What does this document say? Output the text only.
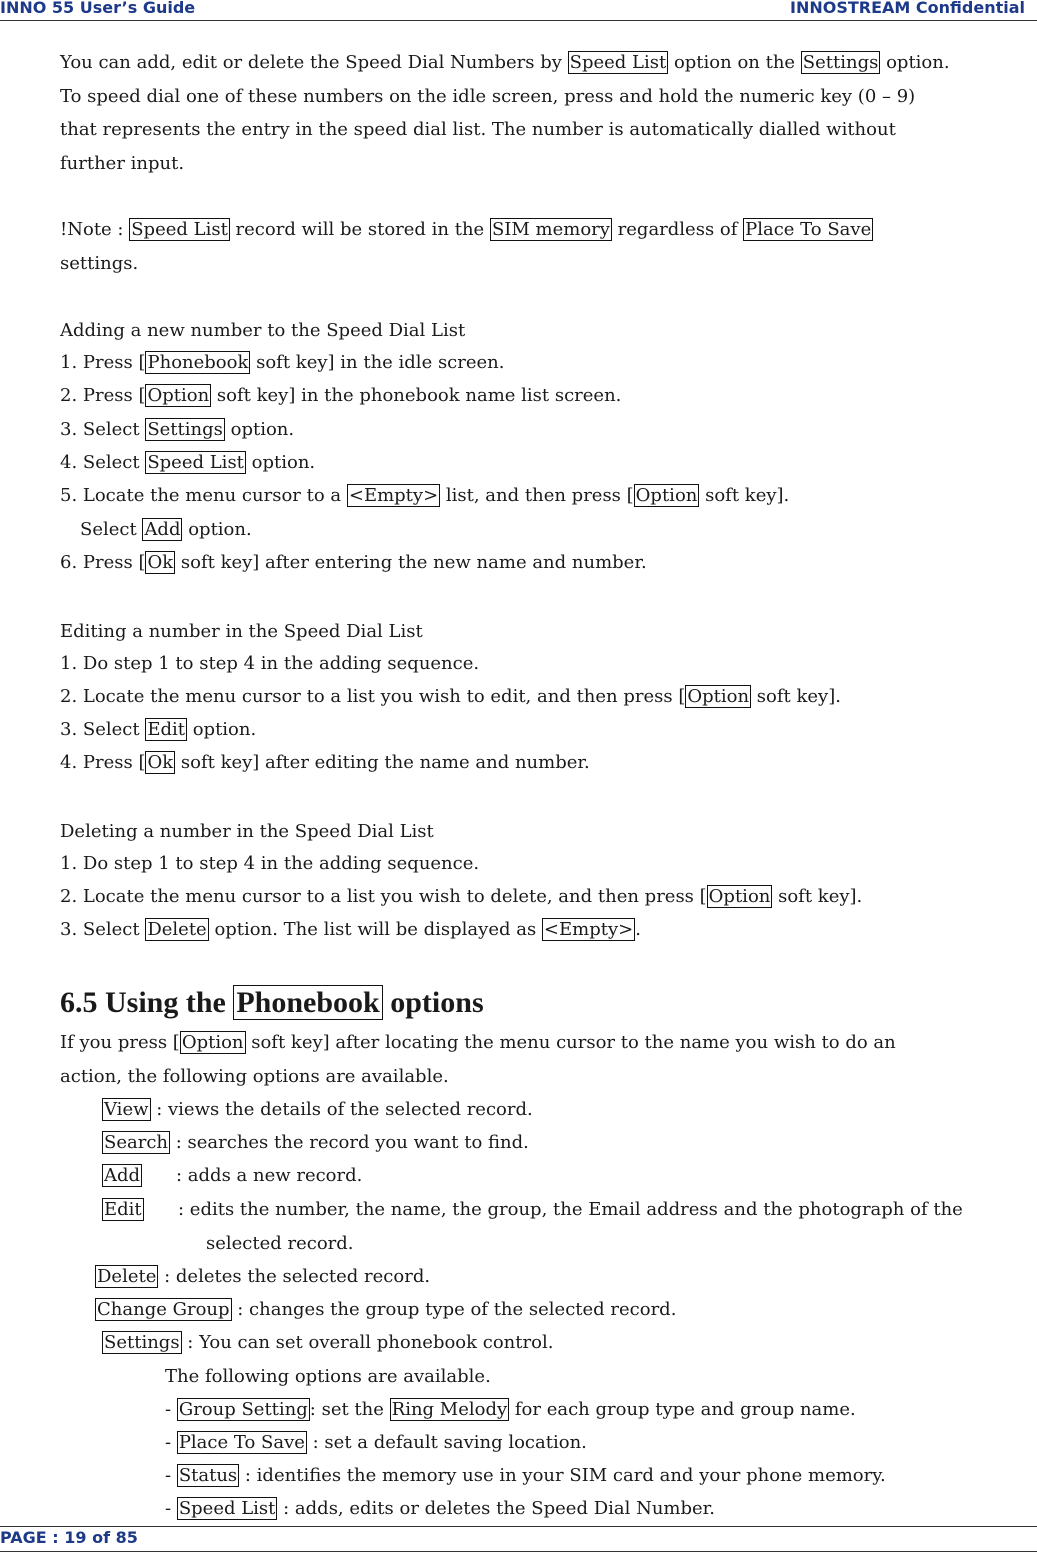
INNO 55 User’s Guide	INNOSTREAM Confidential
You can add, edit or delete the Speed Dial Numbers by Speed List option on the Settings option.
To speed dial one of these numbers on the idle screen, press and hold the numeric key (0 – 9)
that represents the entry in the speed dial list. The number is automatically dialled without
further input.
!Note : Speed List record will be stored in the SIM memory regardless of Place To Save
settings.
Adding a new number to the Speed Dial List
1. Press [ Phonebook soft key] in the idle screen.
2. Press [ Option soft key] in the phonebook name list screen.
3. Select Settings option.
4. Select Speed List option.
5. Locate the menu cursor to a <Empty> list, and then press [ Option soft key].
Select Add option.
6. Press [ Ok soft key] after entering the new name and number.
Editing a number in the Speed Dial List
1. Do step 1 to step 4 in the adding sequence.
2. Locate the menu cursor to a list you wish to edit, and then press [ Option soft key].
3. Select Edit option.
4. Press [ Ok soft key] after editing the name and number.
Deleting a number in the Speed Dial List
1. Do step 1 to step 4 in the adding sequence.
2. Locate the menu cursor to a list you wish to delete, and then press [ Option soft key].
3. Select Delete option. The list will be displayed as <Empty> .
6.5 Using the Phonebook options
If you press [ Option soft key] after locating the menu cursor to the name you wish to do an
action, the following options are available.
View : views the details of the selected record.
Search : searches the record you want to find.
Add : adds a new record.
Edit : edits the number, the name, the group, the Email address and the photograph of the
selected record.
Delete : deletes the selected record.
Change Group : changes the group type of the selected record.
Settings : You can set overall phonebook control.
The following options are available.
- Group Setting : set the Ring Melody for each group type and group name.
- Place To Save : set a default saving location.
- Status : identifies the memory use in your SIM card and your phone memory.
- Speed List : adds, edits or deletes the Speed Dial Number.
PAGE : 19 of 85
